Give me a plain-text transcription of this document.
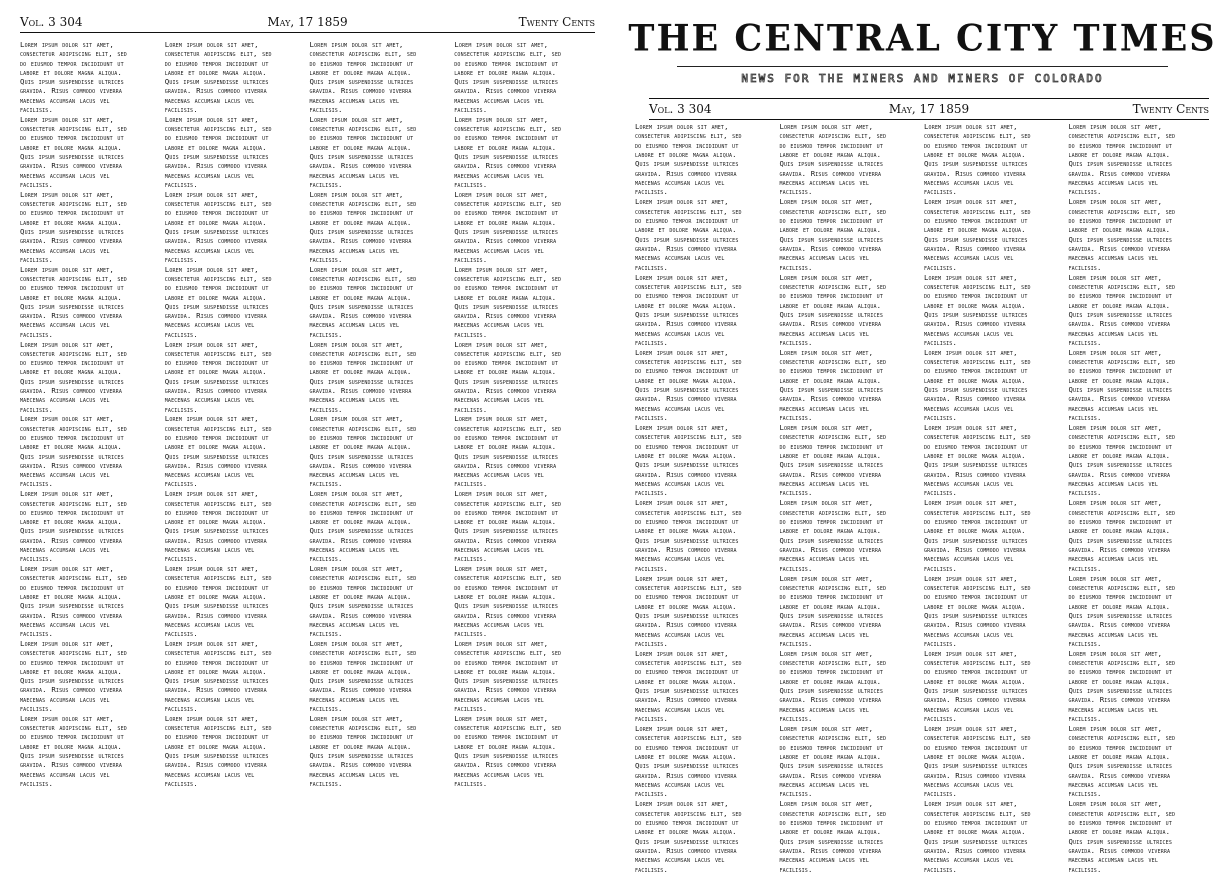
Vol. 3 304	May, 17 1859	Twenty Cents
Lorem ipsum dolor sit amet,
consectetur adipiscing elit, sed
do eiusmod tempor incididunt ut
labore et dolore magna aliqua.
Quis ipsum suspendisse ultrices
gravida. Risus commodo viverra
maecenas accumsan lacus vel
facilisis.
Lorem ipsum dolor sit amet,
consectetur adipiscing elit, sed
do eiusmod tempor incididunt ut
labore et dolore magna aliqua.
Quis ipsum suspendisse ultrices
gravida. Risus commodo viverra
maecenas accumsan lacus vel
facilisis.
Lorem ipsum dolor sit amet,
consectetur adipiscing elit, sed
do eiusmod tempor incididunt ut
labore et dolore magna aliqua.
Quis ipsum suspendisse ultrices
gravida. Risus commodo viverra
maecenas accumsan lacus vel
facilisis.
Lorem ipsum dolor sit amet,
consectetur adipiscing elit, sed
do eiusmod tempor incididunt ut
labore et dolore magna aliqua.
Quis ipsum suspendisse ultrices
gravida. Risus commodo viverra
maecenas accumsan lacus vel
facilisis.
Lorem ipsum dolor sit amet,
consectetur adipiscing elit, sed
do eiusmod tempor incididunt ut
labore et dolore magna aliqua.
Quis ipsum suspendisse ultrices
gravida. Risus commodo viverra
maecenas accumsan lacus vel
facilisis.
Lorem ipsum dolor sit amet,
consectetur adipiscing elit, sed
do eiusmod tempor incididunt ut
labore et dolore magna aliqua.
Quis ipsum suspendisse ultrices
gravida. Risus commodo viverra
maecenas accumsan lacus vel
facilisis.
Lorem ipsum dolor sit amet,
consectetur adipiscing elit, sed
do eiusmod tempor incididunt ut
labore et dolore magna aliqua.
Quis ipsum suspendisse ultrices
gravida. Risus commodo viverra
maecenas accumsan lacus vel
facilisis.
Lorem ipsum dolor sit amet,
consectetur adipiscing elit, sed
do eiusmod tempor incididunt ut
labore et dolore magna aliqua.
Quis ipsum suspendisse ultrices
gravida. Risus commodo viverra
maecenas accumsan lacus vel
facilisis.
Lorem ipsum dolor sit amet,
consectetur adipiscing elit, sed
do eiusmod tempor incididunt ut
labore et dolore magna aliqua.
Quis ipsum suspendisse ultrices
gravida. Risus commodo viverra
maecenas accumsan lacus vel
facilisis.
Lorem ipsum dolor sit amet,
consectetur adipiscing elit, sed
do eiusmod tempor incididunt ut
labore et dolore magna aliqua.
Quis ipsum suspendisse ultrices
gravida. Risus commodo viverra
maecenas accumsan lacus vel
facilisis.
Lorem ipsum dolor sit amet,
consectetur adipiscing elit, sed
do eiusmod tempor incididunt ut
labore et dolore magna aliqua.
Quis ipsum suspendisse ultrices
gravida. Risus commodo viverra
maecenas accumsan lacus vel
facilisis.
Lorem ipsum dolor sit amet,
consectetur adipiscing elit, sed
do eiusmod tempor incididunt ut
labore et dolore magna aliqua.
Quis ipsum suspendisse ultrices
gravida. Risus commodo viverra
maecenas accumsan lacus vel
facilisis.
Lorem ipsum dolor sit amet,
consectetur adipiscing elit, sed
do eiusmod tempor incididunt ut
labore et dolore magna aliqua.
Quis ipsum suspendisse ultrices
gravida. Risus commodo viverra
maecenas accumsan lacus vel
facilisis.
Lorem ipsum dolor sit amet,
consectetur adipiscing elit, sed
do eiusmod tempor incididunt ut
labore et dolore magna aliqua.
Quis ipsum suspendisse ultrices
gravida. Risus commodo viverra
maecenas accumsan lacus vel
facilisis.
Lorem ipsum dolor sit amet,
consectetur adipiscing elit, sed
do eiusmod tempor incididunt ut
labore et dolore magna aliqua.
Quis ipsum suspendisse ultrices
gravida. Risus commodo viverra
maecenas accumsan lacus vel
facilisis.
Lorem ipsum dolor sit amet,
consectetur adipiscing elit, sed
do eiusmod tempor incididunt ut
labore et dolore magna aliqua.
Quis ipsum suspendisse ultrices
gravida. Risus commodo viverra
maecenas accumsan lacus vel
facilisis.
Lorem ipsum dolor sit amet,
consectetur adipiscing elit, sed
do eiusmod tempor incididunt ut
labore et dolore magna aliqua.
Quis ipsum suspendisse ultrices
gravida. Risus commodo viverra
maecenas accumsan lacus vel
facilisis.
Lorem ipsum dolor sit amet,
consectetur adipiscing elit, sed
do eiusmod tempor incididunt ut
labore et dolore magna aliqua.
Quis ipsum suspendisse ultrices
gravida. Risus commodo viverra
maecenas accumsan lacus vel
facilisis.
Lorem ipsum dolor sit amet,
consectetur adipiscing elit, sed
do eiusmod tempor incididunt ut
labore et dolore magna aliqua.
Quis ipsum suspendisse ultrices
gravida. Risus commodo viverra
maecenas accumsan lacus vel
facilisis.
Lorem ipsum dolor sit amet,
consectetur adipiscing elit, sed
do eiusmod tempor incididunt ut
labore et dolore magna aliqua.
Quis ipsum suspendisse ultrices
gravida. Risus commodo viverra
maecenas accumsan lacus vel
facilisis.
Lorem ipsum dolor sit amet,
consectetur adipiscing elit, sed
do eiusmod tempor incididunt ut
labore et dolore magna aliqua.
Quis ipsum suspendisse ultrices
gravida. Risus commodo viverra
maecenas accumsan lacus vel
facilisis.
Lorem ipsum dolor sit amet,
consectetur adipiscing elit, sed
do eiusmod tempor incididunt ut
labore et dolore magna aliqua.
Quis ipsum suspendisse ultrices
gravida. Risus commodo viverra
maecenas accumsan lacus vel
facilisis.
Lorem ipsum dolor sit amet,
consectetur adipiscing elit, sed
do eiusmod tempor incididunt ut
labore et dolore magna aliqua.
Quis ipsum suspendisse ultrices
gravida. Risus commodo viverra
maecenas accumsan lacus vel
facilisis.
Lorem ipsum dolor sit amet,
consectetur adipiscing elit, sed
do eiusmod tempor incididunt ut
labore et dolore magna aliqua.
Quis ipsum suspendisse ultrices
gravida. Risus commodo viverra
maecenas accumsan lacus vel
facilisis.
Lorem ipsum dolor sit amet,
consectetur adipiscing elit, sed
do eiusmod tempor incididunt ut
labore et dolore magna aliqua.
Quis ipsum suspendisse ultrices
gravida. Risus commodo viverra
maecenas accumsan lacus vel
facilisis.
Lorem ipsum dolor sit amet,
consectetur adipiscing elit, sed
do eiusmod tempor incididunt ut
labore et dolore magna aliqua.
Quis ipsum suspendisse ultrices
gravida. Risus commodo viverra
maecenas accumsan lacus vel
facilisis.
Lorem ipsum dolor sit amet,
consectetur adipiscing elit, sed
do eiusmod tempor incididunt ut
labore et dolore magna aliqua.
Quis ipsum suspendisse ultrices
gravida. Risus commodo viverra
maecenas accumsan lacus vel
facilisis.
Lorem ipsum dolor sit amet,
consectetur adipiscing elit, sed
do eiusmod tempor incididunt ut
labore et dolore magna aliqua.
Quis ipsum suspendisse ultrices
gravida. Risus commodo viverra
maecenas accumsan lacus vel
facilisis.
Lorem ipsum dolor sit amet,
consectetur adipiscing elit, sed
do eiusmod tempor incididunt ut
labore et dolore magna aliqua.
Quis ipsum suspendisse ultrices
gravida. Risus commodo viverra
maecenas accumsan lacus vel
facilisis.
Lorem ipsum dolor sit amet,
consectetur adipiscing elit, sed
do eiusmod tempor incididunt ut
labore et dolore magna aliqua.
Quis ipsum suspendisse ultrices
gravida. Risus commodo viverra
maecenas accumsan lacus vel
facilisis.
Lorem ipsum dolor sit amet,
consectetur adipiscing elit, sed
do eiusmod tempor incididunt ut
labore et dolore magna aliqua.
Quis ipsum suspendisse ultrices
gravida. Risus commodo viverra
maecenas accumsan lacus vel
facilisis.
Lorem ipsum dolor sit amet,
consectetur adipiscing elit, sed
do eiusmod tempor incididunt ut
labore et dolore magna aliqua.
Quis ipsum suspendisse ultrices
gravida. Risus commodo viverra
maecenas accumsan lacus vel
facilisis.
Lorem ipsum dolor sit amet,
consectetur adipiscing elit, sed
do eiusmod tempor incididunt ut
labore et dolore magna aliqua.
Quis ipsum suspendisse ultrices
gravida. Risus commodo viverra
maecenas accumsan lacus vel
facilisis.
Lorem ipsum dolor sit amet,
consectetur adipiscing elit, sed
do eiusmod tempor incididunt ut
labore et dolore magna aliqua.
Quis ipsum suspendisse ultrices
gravida. Risus commodo viverra
maecenas accumsan lacus vel
facilisis.
Lorem ipsum dolor sit amet,
consectetur adipiscing elit, sed
do eiusmod tempor incididunt ut
labore et dolore magna aliqua.
Quis ipsum suspendisse ultrices
gravida. Risus commodo viverra
maecenas accumsan lacus vel
facilisis.
Lorem ipsum dolor sit amet,
consectetur adipiscing elit, sed
do eiusmod tempor incididunt ut
labore et dolore magna aliqua.
Quis ipsum suspendisse ultrices
gravida. Risus commodo viverra
maecenas accumsan lacus vel
facilisis.
Lorem ipsum dolor sit amet,
consectetur adipiscing elit, sed
do eiusmod tempor incididunt ut
labore et dolore magna aliqua.
Quis ipsum suspendisse ultrices
gravida. Risus commodo viverra
maecenas accumsan lacus vel
facilisis.
Lorem ipsum dolor sit amet,
consectetur adipiscing elit, sed
do eiusmod tempor incididunt ut
labore et dolore magna aliqua.
Quis ipsum suspendisse ultrices
gravida. Risus commodo viverra
maecenas accumsan lacus vel
facilisis.
Lorem ipsum dolor sit amet,
consectetur adipiscing elit, sed
do eiusmod tempor incididunt ut
labore et dolore magna aliqua.
Quis ipsum suspendisse ultrices
gravida. Risus commodo viverra
maecenas accumsan lacus vel
facilisis.
Lorem ipsum dolor sit amet,
consectetur adipiscing elit, sed
do eiusmod tempor incididunt ut
labore et dolore magna aliqua.
Quis ipsum suspendisse ultrices
gravida. Risus commodo viverra
maecenas accumsan lacus vel
facilisis.
THE CENTRAL CITY TIMES
NEWS FOR THE MINERS AND MINERS OF COLORADO
Vol. 3 304	May, 17 1859	Twenty Cents
Lorem ipsum dolor sit amet,
consectetur adipiscing elit, sed
do eiusmod tempor incididunt ut
labore et dolore magna aliqua.
Quis ipsum suspendisse ultrices
gravida. Risus commodo viverra
maecenas accumsan lacus vel
facilisis.
Lorem ipsum dolor sit amet,
consectetur adipiscing elit, sed
do eiusmod tempor incididunt ut
labore et dolore magna aliqua.
Quis ipsum suspendisse ultrices
gravida. Risus commodo viverra
maecenas accumsan lacus vel
facilisis.
Lorem ipsum dolor sit amet,
consectetur adipiscing elit, sed
do eiusmod tempor incididunt ut
labore et dolore magna aliqua.
Quis ipsum suspendisse ultrices
gravida. Risus commodo viverra
maecenas accumsan lacus vel
facilisis.
Lorem ipsum dolor sit amet,
consectetur adipiscing elit, sed
do eiusmod tempor incididunt ut
labore et dolore magna aliqua.
Quis ipsum suspendisse ultrices
gravida. Risus commodo viverra
maecenas accumsan lacus vel
facilisis.
Lorem ipsum dolor sit amet,
consectetur adipiscing elit, sed
do eiusmod tempor incididunt ut
labore et dolore magna aliqua.
Quis ipsum suspendisse ultrices
gravida. Risus commodo viverra
maecenas accumsan lacus vel
facilisis.
Lorem ipsum dolor sit amet,
consectetur adipiscing elit, sed
do eiusmod tempor incididunt ut
labore et dolore magna aliqua.
Quis ipsum suspendisse ultrices
gravida. Risus commodo viverra
maecenas accumsan lacus vel
facilisis.
Lorem ipsum dolor sit amet,
consectetur adipiscing elit, sed
do eiusmod tempor incididunt ut
labore et dolore magna aliqua.
Quis ipsum suspendisse ultrices
gravida. Risus commodo viverra
maecenas accumsan lacus vel
facilisis.
Lorem ipsum dolor sit amet,
consectetur adipiscing elit, sed
do eiusmod tempor incididunt ut
labore et dolore magna aliqua.
Quis ipsum suspendisse ultrices
gravida. Risus commodo viverra
maecenas accumsan lacus vel
facilisis.
Lorem ipsum dolor sit amet,
consectetur adipiscing elit, sed
do eiusmod tempor incididunt ut
labore et dolore magna aliqua.
Quis ipsum suspendisse ultrices
gravida. Risus commodo viverra
maecenas accumsan lacus vel
facilisis.
Lorem ipsum dolor sit amet,
consectetur adipiscing elit, sed
do eiusmod tempor incididunt ut
labore et dolore magna aliqua.
Quis ipsum suspendisse ultrices
gravida. Risus commodo viverra
maecenas accumsan lacus vel
facilisis.
Lorem ipsum dolor sit amet,
consectetur adipiscing elit, sed
do eiusmod tempor incididunt ut
labore et dolore magna aliqua.
Quis ipsum suspendisse ultrices
gravida. Risus commodo viverra
maecenas accumsan lacus vel
facilisis.
Lorem ipsum dolor sit amet,
consectetur adipiscing elit, sed
do eiusmod tempor incididunt ut
labore et dolore magna aliqua.
Quis ipsum suspendisse ultrices
gravida. Risus commodo viverra
maecenas accumsan lacus vel
facilisis.
Lorem ipsum dolor sit amet,
consectetur adipiscing elit, sed
do eiusmod tempor incididunt ut
labore et dolore magna aliqua.
Quis ipsum suspendisse ultrices
gravida. Risus commodo viverra
maecenas accumsan lacus vel
facilisis.
Lorem ipsum dolor sit amet,
consectetur adipiscing elit, sed
do eiusmod tempor incididunt ut
labore et dolore magna aliqua.
Quis ipsum suspendisse ultrices
gravida. Risus commodo viverra
maecenas accumsan lacus vel
facilisis.
Lorem ipsum dolor sit amet,
consectetur adipiscing elit, sed
do eiusmod tempor incididunt ut
labore et dolore magna aliqua.
Quis ipsum suspendisse ultrices
gravida. Risus commodo viverra
maecenas accumsan lacus vel
facilisis.
Lorem ipsum dolor sit amet,
consectetur adipiscing elit, sed
do eiusmod tempor incididunt ut
labore et dolore magna aliqua.
Quis ipsum suspendisse ultrices
gravida. Risus commodo viverra
maecenas accumsan lacus vel
facilisis.
Lorem ipsum dolor sit amet,
consectetur adipiscing elit, sed
do eiusmod tempor incididunt ut
labore et dolore magna aliqua.
Quis ipsum suspendisse ultrices
gravida. Risus commodo viverra
maecenas accumsan lacus vel
facilisis.
Lorem ipsum dolor sit amet,
consectetur adipiscing elit, sed
do eiusmod tempor incididunt ut
labore et dolore magna aliqua.
Quis ipsum suspendisse ultrices
gravida. Risus commodo viverra
maecenas accumsan lacus vel
facilisis.
Lorem ipsum dolor sit amet,
consectetur adipiscing elit, sed
do eiusmod tempor incididunt ut
labore et dolore magna aliqua.
Quis ipsum suspendisse ultrices
gravida. Risus commodo viverra
maecenas accumsan lacus vel
facilisis.
Lorem ipsum dolor sit amet,
consectetur adipiscing elit, sed
do eiusmod tempor incididunt ut
labore et dolore magna aliqua.
Quis ipsum suspendisse ultrices
gravida. Risus commodo viverra
maecenas accumsan lacus vel
facilisis.
Lorem ipsum dolor sit amet,
consectetur adipiscing elit, sed
do eiusmod tempor incididunt ut
labore et dolore magna aliqua.
Quis ipsum suspendisse ultrices
gravida. Risus commodo viverra
maecenas accumsan lacus vel
facilisis.
Lorem ipsum dolor sit amet,
consectetur adipiscing elit, sed
do eiusmod tempor incididunt ut
labore et dolore magna aliqua.
Quis ipsum suspendisse ultrices
gravida. Risus commodo viverra
maecenas accumsan lacus vel
facilisis.
Lorem ipsum dolor sit amet,
consectetur adipiscing elit, sed
do eiusmod tempor incididunt ut
labore et dolore magna aliqua.
Quis ipsum suspendisse ultrices
gravida. Risus commodo viverra
maecenas accumsan lacus vel
facilisis.
Lorem ipsum dolor sit amet,
consectetur adipiscing elit, sed
do eiusmod tempor incididunt ut
labore et dolore magna aliqua.
Quis ipsum suspendisse ultrices
gravida. Risus commodo viverra
maecenas accumsan lacus vel
facilisis.
Lorem ipsum dolor sit amet,
consectetur adipiscing elit, sed
do eiusmod tempor incididunt ut
labore et dolore magna aliqua.
Quis ipsum suspendisse ultrices
gravida. Risus commodo viverra
maecenas accumsan lacus vel
facilisis.
Lorem ipsum dolor sit amet,
consectetur adipiscing elit, sed
do eiusmod tempor incididunt ut
labore et dolore magna aliqua.
Quis ipsum suspendisse ultrices
gravida. Risus commodo viverra
maecenas accumsan lacus vel
facilisis.
Lorem ipsum dolor sit amet,
consectetur adipiscing elit, sed
do eiusmod tempor incididunt ut
labore et dolore magna aliqua.
Quis ipsum suspendisse ultrices
gravida. Risus commodo viverra
maecenas accumsan lacus vel
facilisis.
Lorem ipsum dolor sit amet,
consectetur adipiscing elit, sed
do eiusmod tempor incididunt ut
labore et dolore magna aliqua.
Quis ipsum suspendisse ultrices
gravida. Risus commodo viverra
maecenas accumsan lacus vel
facilisis.
Lorem ipsum dolor sit amet,
consectetur adipiscing elit, sed
do eiusmod tempor incididunt ut
labore et dolore magna aliqua.
Quis ipsum suspendisse ultrices
gravida. Risus commodo viverra
maecenas accumsan lacus vel
facilisis.
Lorem ipsum dolor sit amet,
consectetur adipiscing elit, sed
do eiusmod tempor incididunt ut
labore et dolore magna aliqua.
Quis ipsum suspendisse ultrices
gravida. Risus commodo viverra
maecenas accumsan lacus vel
facilisis.
Lorem ipsum dolor sit amet,
consectetur adipiscing elit, sed
do eiusmod tempor incididunt ut
labore et dolore magna aliqua.
Quis ipsum suspendisse ultrices
gravida. Risus commodo viverra
maecenas accumsan lacus vel
facilisis.
Lorem ipsum dolor sit amet,
consectetur adipiscing elit, sed
do eiusmod tempor incididunt ut
labore et dolore magna aliqua.
Quis ipsum suspendisse ultrices
gravida. Risus commodo viverra
maecenas accumsan lacus vel
facilisis.
Lorem ipsum dolor sit amet,
consectetur adipiscing elit, sed
do eiusmod tempor incididunt ut
labore et dolore magna aliqua.
Quis ipsum suspendisse ultrices
gravida. Risus commodo viverra
maecenas accumsan lacus vel
facilisis.
Lorem ipsum dolor sit amet,
consectetur adipiscing elit, sed
do eiusmod tempor incididunt ut
labore et dolore magna aliqua.
Quis ipsum suspendisse ultrices
gravida. Risus commodo viverra
maecenas accumsan lacus vel
facilisis.
Lorem ipsum dolor sit amet,
consectetur adipiscing elit, sed
do eiusmod tempor incididunt ut
labore et dolore magna aliqua.
Quis ipsum suspendisse ultrices
gravida. Risus commodo viverra
maecenas accumsan lacus vel
facilisis.
Lorem ipsum dolor sit amet,
consectetur adipiscing elit, sed
do eiusmod tempor incididunt ut
labore et dolore magna aliqua.
Quis ipsum suspendisse ultrices
gravida. Risus commodo viverra
maecenas accumsan lacus vel
facilisis.
Lorem ipsum dolor sit amet,
consectetur adipiscing elit, sed
do eiusmod tempor incididunt ut
labore et dolore magna aliqua.
Quis ipsum suspendisse ultrices
gravida. Risus commodo viverra
maecenas accumsan lacus vel
facilisis.
Lorem ipsum dolor sit amet,
consectetur adipiscing elit, sed
do eiusmod tempor incididunt ut
labore et dolore magna aliqua.
Quis ipsum suspendisse ultrices
gravida. Risus commodo viverra
maecenas accumsan lacus vel
facilisis.
Lorem ipsum dolor sit amet,
consectetur adipiscing elit, sed
do eiusmod tempor incididunt ut
labore et dolore magna aliqua.
Quis ipsum suspendisse ultrices
gravida. Risus commodo viverra
maecenas accumsan lacus vel
facilisis.
Lorem ipsum dolor sit amet,
consectetur adipiscing elit, sed
do eiusmod tempor incididunt ut
labore et dolore magna aliqua.
Quis ipsum suspendisse ultrices
gravida. Risus commodo viverra
maecenas accumsan lacus vel
facilisis.
